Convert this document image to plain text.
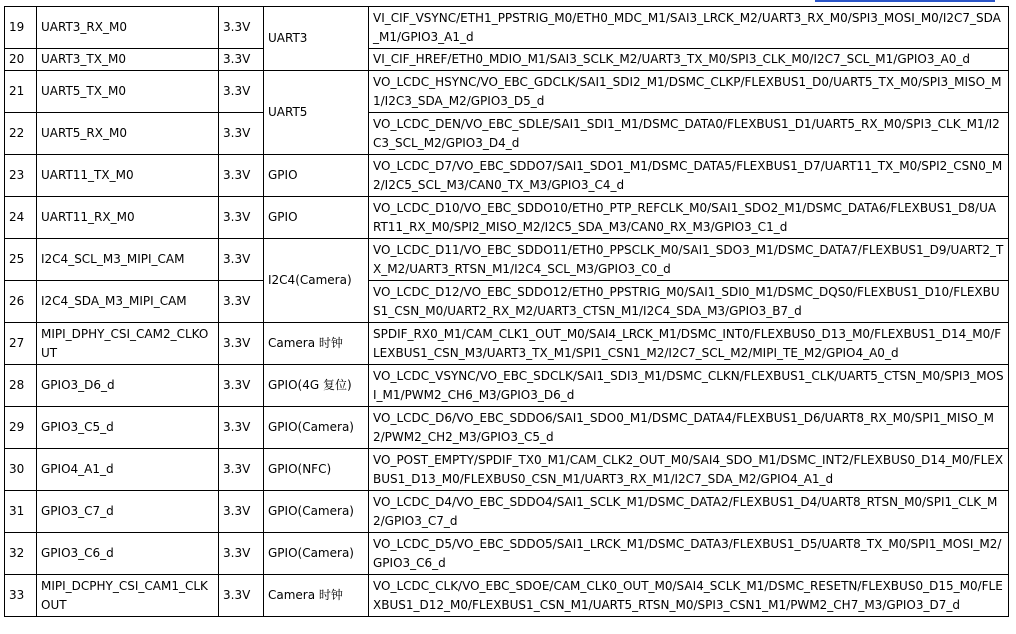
19	UART3_RX_M0	3.3V	UART3	VI_CIF_VSYNC/ETH1_PPSTRIG_M0/ETH0_MDC_M1/SAI3_LRCK_M2/UART3_RX_M0/SPI3_MOSI_M0/I2C7_SDA_M1/GPIO3_A1_d
20	UART3_TX_M0	3.3V		VI_CIF_HREF/ETH0_MDIO_M1/SAI3_SCLK_M2/UART3_TX_M0/SPI3_CLK_M0/I2C7_SCL_M1/GPIO3_A0_d
21	UART5_TX_M0	3.3V	UART5	VO_LCDC_HSYNC/VO_EBC_GDCLK/SAI1_SDI2_M1/DSMC_CLKP/FLEXBUS1_D0/UART5_TX_M0/SPI3_MISO_M1/I2C3_SDA_M2/GPIO3_D5_d
22	UART5_RX_M0	3.3V		VO_LCDC_DEN/VO_EBC_SDLE/SAI1_SDI1_M1/DSMC_DATA0/FLEXBUS1_D1/UART5_RX_M0/SPI3_CLK_M1/I2C3_SCL_M2/GPIO3_D4_d
23	UART11_TX_M0	3.3V	GPIO	VO_LCDC_D7/VO_EBC_SDDO7/SAI1_SDO1_M1/DSMC_DATA5/FLEXBUS1_D7/UART11_TX_M0/SPI2_CSN0_M2/I2C5_SCL_M3/CAN0_TX_M3/GPIO3_C4_d
24	UART11_RX_M0	3.3V	GPIO	VO_LCDC_D10/VO_EBC_SDDO10/ETH0_PTP_REFCLK_M0/SAI1_SDO2_M1/DSMC_DATA6/FLEXBUS1_D8/UART11_RX_M0/SPI2_MISO_M2/I2C5_SDA_M3/CAN0_RX_M3/GPIO3_C1_d
25	I2C4_SCL_M3_MIPI_CAM	3.3V	I2C4(Camera)	VO_LCDC_D11/VO_EBC_SDDO11/ETH0_PPSCLK_M0/SAI1_SDO3_M1/DSMC_DATA7/FLEXBUS1_D9/UART2_TX_M2/UART3_RTSN_M1/I2C4_SCL_M3/GPIO3_C0_d
26	I2C4_SDA_M3_MIPI_CAM	3.3V		VO_LCDC_D12/VO_EBC_SDDO12/ETH0_PPSTRIG_M0/SAI1_SDI0_M1/DSMC_DQS0/FLEXBUS1_D10/FLEXBUS1_CSN_M0/UART2_RX_M2/UART3_CTSN_M1/I2C4_SDA_M3/GPIO3_B7_d
27	MIPI_DPHY_CSI_CAM2_CLKOUT	3.3V	Camera 时钟	SPDIF_RX0_M1/CAM_CLK1_OUT_M0/SAI4_LRCK_M1/DSMC_INT0/FLEXBUS0_D13_M0/FLEXBUS1_D14_M0/FLEXBUS1_CSN_M3/UART3_TX_M1/SPI1_CSN1_M2/I2C7_SCL_M2/MIPI_TE_M2/GPIO4_A0_d
28	GPIO3_D6_d	3.3V	GPIO(4G 复位)	VO_LCDC_VSYNC/VO_EBC_SDCLK/SAI1_SDI3_M1/DSMC_CLKN/FLEXBUS1_CLK/UART5_CTSN_M0/SPI3_MOSI_M1/PWM2_CH6_M3/GPIO3_D6_d
29	GPIO3_C5_d	3.3V	GPIO(Camera)	VO_LCDC_D6/VO_EBC_SDDO6/SAI1_SDO0_M1/DSMC_DATA4/FLEXBUS1_D6/UART8_RX_M0/SPI1_MISO_M2/PWM2_CH2_M3/GPIO3_C5_d
30	GPIO4_A1_d	3.3V	GPIO(NFC)	VO_POST_EMPTY/SPDIF_TX0_M1/CAM_CLK2_OUT_M0/SAI4_SDO_M1/DSMC_INT2/FLEXBUS0_D14_M0/FLEXBUS1_D13_M0/FLEXBUS0_CSN_M1/UART3_RX_M1/I2C7_SDA_M2/GPIO4_A1_d
31	GPIO3_C7_d	3.3V	GPIO(Camera)	VO_LCDC_D4/VO_EBC_SDDO4/SAI1_SCLK_M1/DSMC_DATA2/FLEXBUS1_D4/UART8_RTSN_M0/SPI1_CLK_M2/GPIO3_C7_d
32	GPIO3_C6_d	3.3V	GPIO(Camera)	VO_LCDC_D5/VO_EBC_SDDO5/SAI1_LRCK_M1/DSMC_DATA3/FLEXBUS1_D5/UART8_TX_M0/SPI1_MOSI_M2/GPIO3_C6_d
33	MIPI_DCPHY_CSI_CAM1_CLKOUT	3.3V	Camera 时钟	VO_LCDC_CLK/VO_EBC_SDOE/CAM_CLK0_OUT_M0/SAI4_SCLK_M1/DSMC_RESETN/FLEXBUS0_D15_M0/FLEXBUS1_D12_M0/FLEXBUS1_CSN_M1/UART5_RTSN_M0/SPI3_CSN1_M1/PWM2_CH7_M3/GPIO3_D7_d
